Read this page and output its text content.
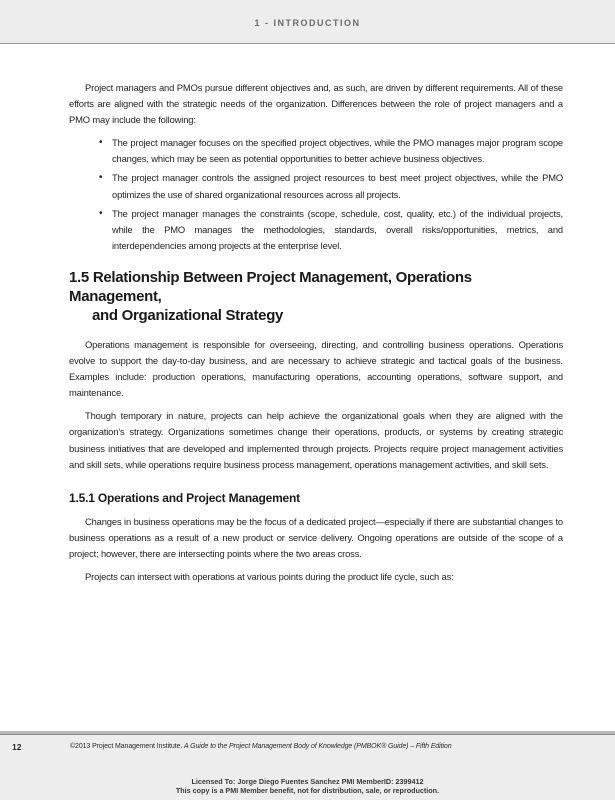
1 - INTRODUCTION

Project managers and PMOs pursue different objectives and, as such, are driven by different requirements. All of these efforts are aligned with the strategic needs of the organization. Differences between the role of project managers and a PMO may include the following:

• The project manager focuses on the specified project objectives, while the PMO manages major program scope changes, which may be seen as potential opportunities to better achieve business objectives.
• The project manager controls the assigned project resources to best meet project objectives, while the PMO optimizes the use of shared organizational resources across all projects.
• The project manager manages the constraints (scope, schedule, cost, quality, etc.) of the individual projects, while the PMO manages the methodologies, standards, overall risks/opportunities, metrics, and interdependencies among projects at the enterprise level.
1.5 Relationship Between Project Management, Operations Management,
and Organizational Strategy

Operations management is responsible for overseeing, directing, and controlling business operations. Operations evolve to support the day-to-day business, and are necessary to achieve strategic and tactical goals of the business. Examples include: production operations, manufacturing operations, accounting operations, software support, and maintenance.

Though temporary in nature, projects can help achieve the organizational goals when they are aligned with the organization’s strategy. Organizations sometimes change their operations, products, or systems by creating strategic business initiatives that are developed and implemented through projects. Projects require project management activities and skill sets, while operations require business process management, operations management activities, and skill sets.

1.5.1 Operations and Project Management

Changes in business operations may be the focus of a dedicated project—especially if there are substantial changes to business operations as a result of a new product or service delivery. Ongoing operations are outside of the scope of a project; however, there are intersecting points where the two areas cross.

Projects can intersect with operations at various points during the product life cycle, such as:

12	©2013 Project Management Institute. A Guide to the Project Management Body of Knowledge (PMBOK® Guide) – Fifth Edition
Licensed To: Jorge Diego Fuentes Sanchez PMI MemberID: 2399412
This copy is a PMI Member benefit, not for distribution, sale, or reproduction.
